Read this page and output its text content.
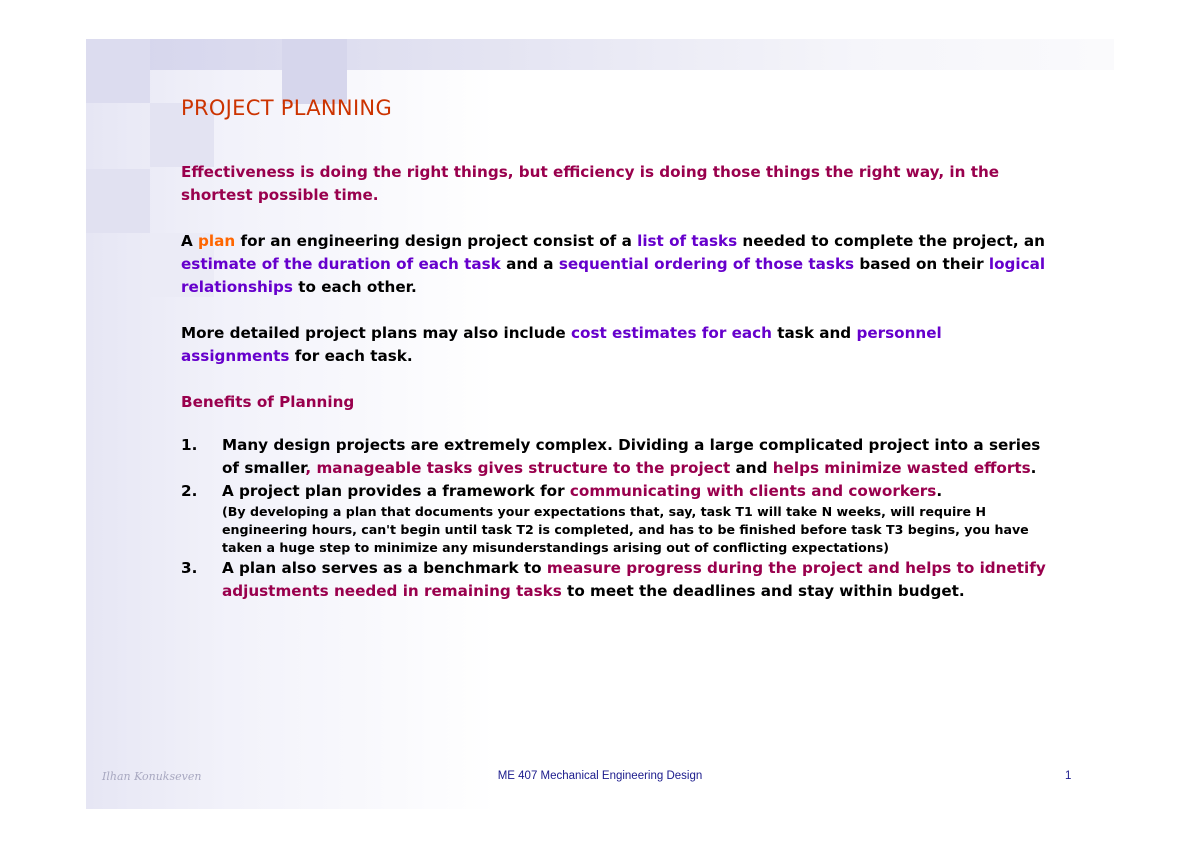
PROJECT PLANNING

Effectiveness is doing the right things, but efficiency is doing those things the right way, in the shortest possible time.

A plan for an engineering design project consist of a list of tasks needed to complete the project, an estimate of the duration of each task and a sequential ordering of those tasks based on their logical relationships to each other.

More detailed project plans may also include cost estimates for each task and personnel assignments for each task.

Benefits of Planning

1.	Many design projects are extremely complex. Dividing a large complicated project into a series of smaller, manageable tasks gives structure to the project and helps minimize wasted efforts.
2.	A project plan provides a framework for communicating with clients and coworkers.
(By developing a plan that documents your expectations that, say, task T1 will take N weeks, will require H engineering hours, can't begin until task T2 is completed, and has to be finished before task T3 begins, you have taken a huge step to minimize any misunderstandings arising out of conflicting expectations)
3.	A plan also serves as a benchmark to measure progress during the project and helps to idnetify adjustments needed in remaining tasks to meet the deadlines and stay within budget.
Ilhan Konukseven	ME 407 Mechanical Engineering Design	1
